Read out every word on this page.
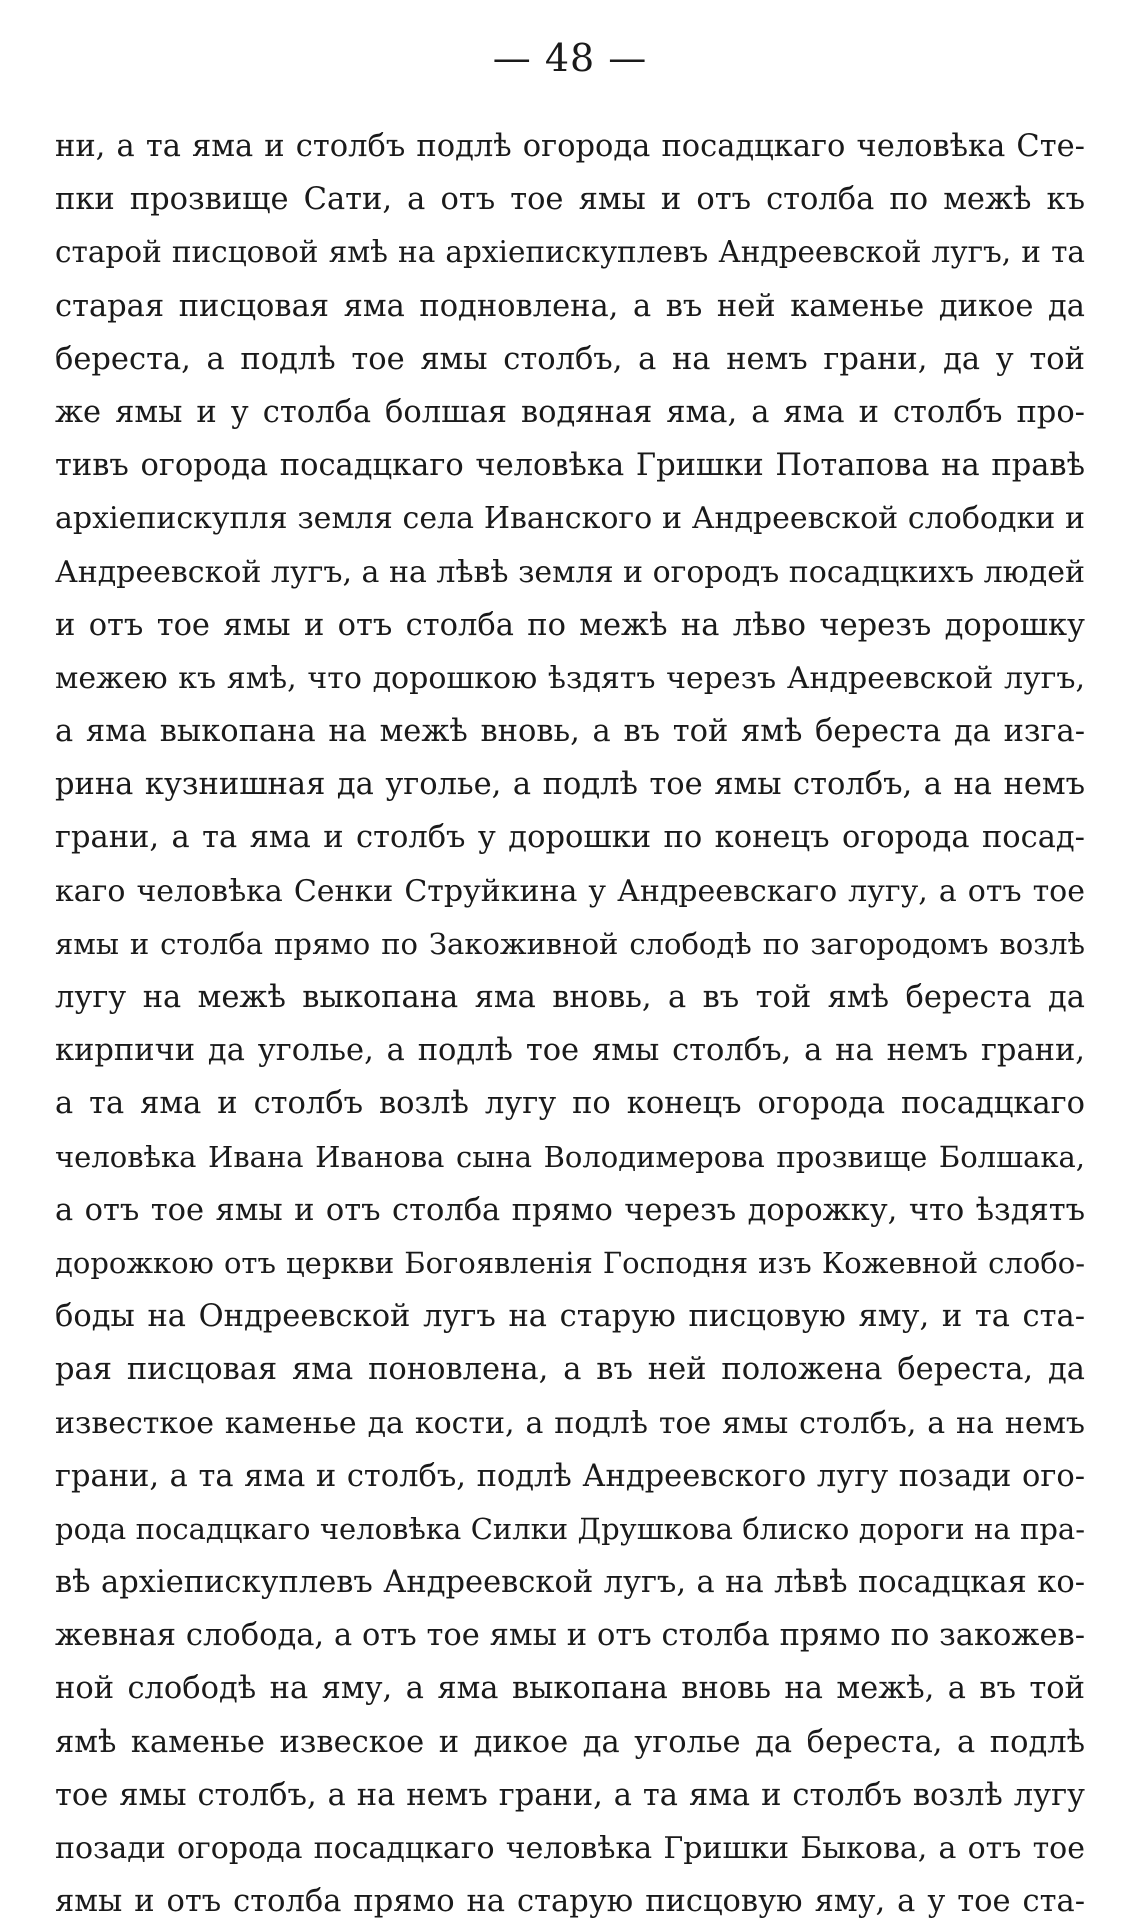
— 48 —
ни, а та яма и столбъ подлѣ огорода посадцкаго человѣка Сте-
пки прозвище Сати, а отъ тое ямы и отъ столба по межѣ къ
старой писцовой ямѣ на архіепискуплевъ Андреевской лугъ, и та
старая писцовая яма подновлена, а въ ней каменье дикое да
береста, а подлѣ тое ямы столбъ, а на немъ грани, да у той
же ямы и у столба болшая водяная яма, а яма и столбъ про-
тивъ огорода посадцкаго человѣка Гришки Потапова на правѣ
архіепискупля земля села Иванского и Андреевской слободки и
Андреевской лугъ, а на лѣвѣ земля и огородъ посадцкихъ людей
и отъ тое ямы и отъ столба по межѣ на лѣво черезъ дорошку
межею къ ямѣ, что дорошкою ѣздятъ черезъ Андреевской лугъ,
а яма выкопана на межѣ вновь, а въ той ямѣ береста да изга-
рина кузнишная да уголье, а подлѣ тое ямы столбъ, а на немъ
грани, а та яма и столбъ у дорошки по конецъ огорода посад-
каго человѣка Сенки Струйкина у Андреевскаго лугу, а отъ тое
ямы и столба прямо по Закоживной слободѣ по загородомъ возлѣ
лугу на межѣ выкопана яма вновь, а въ той ямѣ береста да
кирпичи да уголье, а подлѣ тое ямы столбъ, а на немъ грани,
а та яма и столбъ возлѣ лугу по конецъ огорода посадцкаго
человѣка Ивана Иванова сына Володимерова прозвище Болшака,
а отъ тое ямы и отъ столба прямо черезъ дорожку, что ѣздятъ
дорожкою отъ церкви Богоявленія Господня изъ Кожевной слобо-
боды на Ондреевской лугъ на старую писцовую яму, и та ста-
рая писцовая яма поновлена, а въ ней положена береста, да
известкое каменье да кости, а подлѣ тое ямы столбъ, а на немъ
грани, а та яма и столбъ, подлѣ Андреевского лугу позади ого-
рода посадцкаго человѣка Силки Друшкова блиско дороги на пра-
вѣ архіепискуплевъ Андреевской лугъ, а на лѣвѣ посадцкая ко-
жевная слобода, а отъ тое ямы и отъ столба прямо по закожев-
ной слободѣ на яму, а яма выкопана вновь на межѣ, а въ той
ямѣ каменье извеское и дикое да уголье да береста, а подлѣ
тое ямы столбъ, а на немъ грани, а та яма и столбъ возлѣ лугу
позади огорода посадцкаго человѣка Гришки Быкова, а отъ тое
ямы и отъ столба прямо на старую писцовую яму, а у тое ста-
